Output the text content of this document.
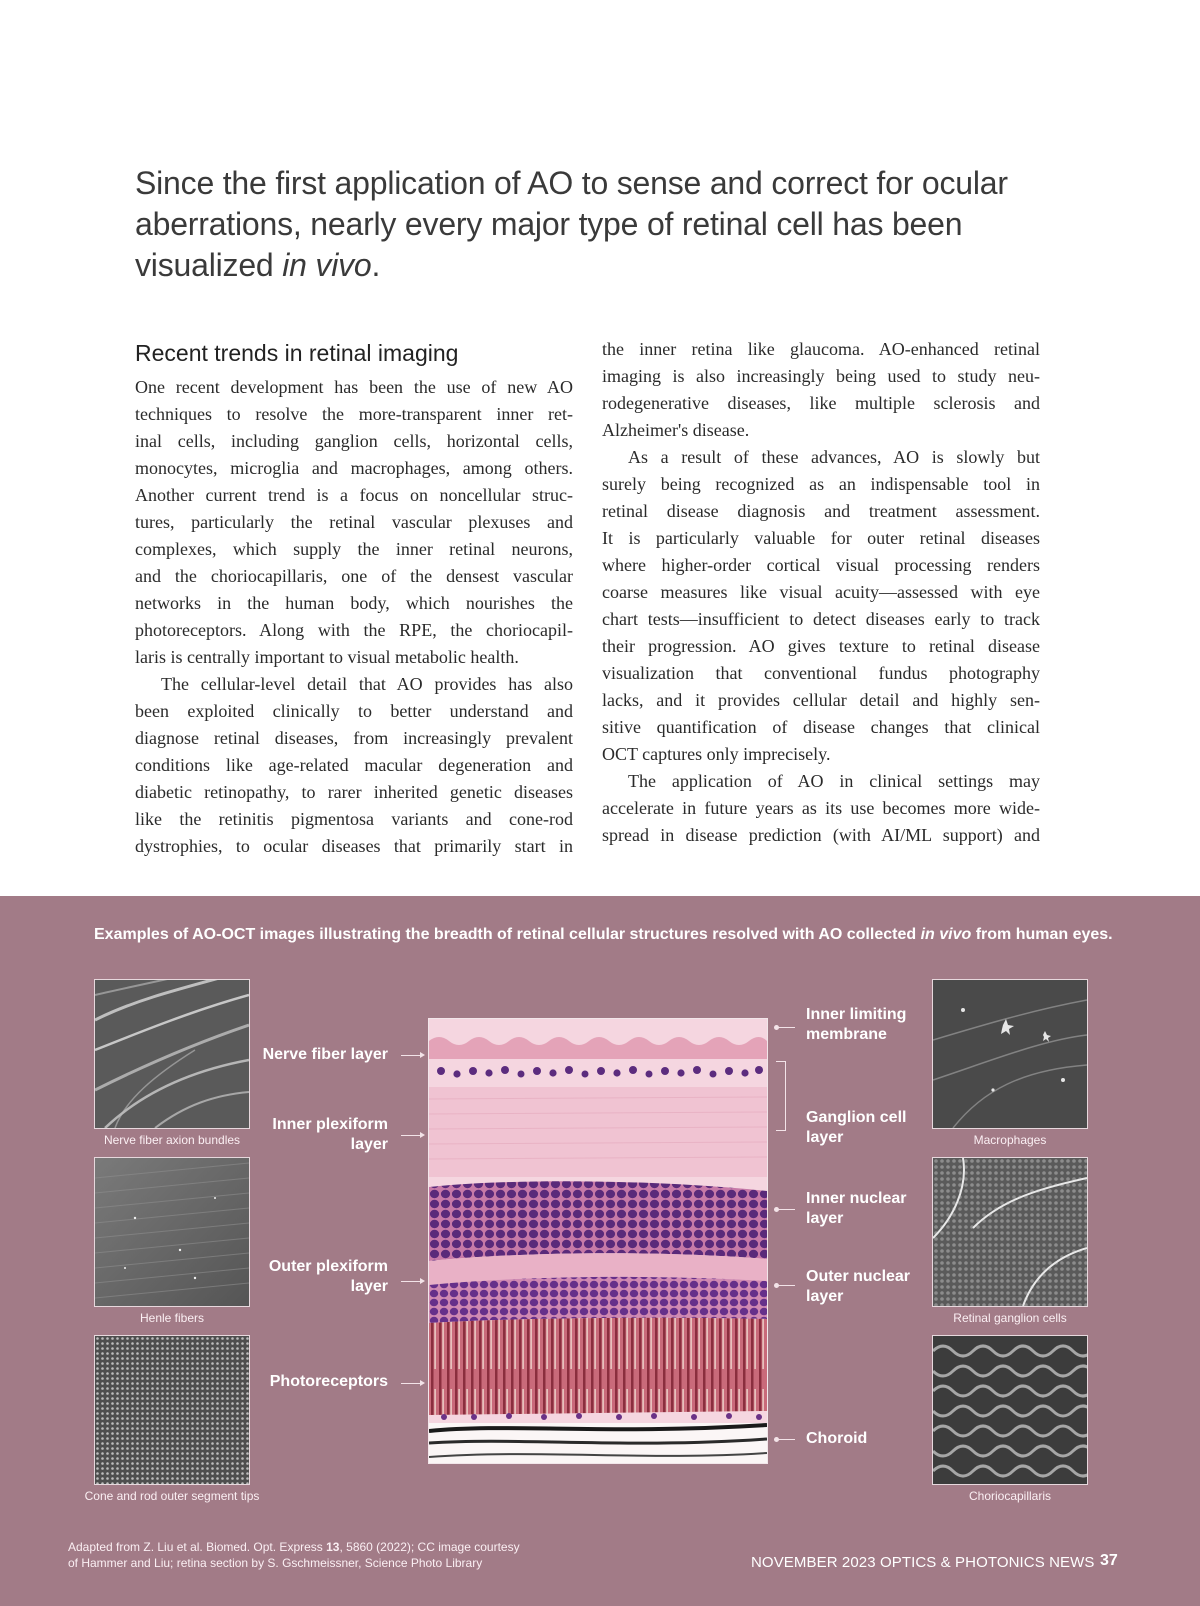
Since the first application of AO to sense and correct for ocular
aberrations, nearly every major type of retinal cell has been
visualized in vivo.
Recent trends in retinal imaging
One recent development has been the use of new AO
techniques to resolve the more-transparent inner ret-
inal cells, including ganglion cells, horizontal cells,
monocytes, microglia and macrophages, among others.
Another current trend is a focus on noncellular struc-
tures, particularly the retinal vascular plexuses and
complexes, which supply the inner retinal neurons,
and the choriocapillaris, one of the densest vascular
networks in the human body, which nourishes the
photoreceptors. Along with the RPE, the choriocapil-
laris is centrally important to visual metabolic health.
The cellular-level detail that AO provides has also
been exploited clinically to better understand and
diagnose retinal diseases, from increasingly prevalent
conditions like age-related macular degeneration and
diabetic retinopathy, to rarer inherited genetic diseases
like the retinitis pigmentosa variants and cone-rod
dystrophies, to ocular diseases that primarily start in
the inner retina like glaucoma. AO-enhanced retinal
imaging is also increasingly being used to study neu-
rodegenerative diseases, like multiple sclerosis and
Alzheimer's disease.
As a result of these advances, AO is slowly but
surely being recognized as an indispensable tool in
retinal disease diagnosis and treatment assessment.
It is particularly valuable for outer retinal diseases
where higher-order cortical visual processing renders
coarse measures like visual acuity—assessed with eye
chart tests—insufficient to detect diseases early to track
their progression. AO gives texture to retinal disease
visualization that conventional fundus photography
lacks, and it provides cellular detail and highly sen-
sitive quantification of disease changes that clinical
OCT captures only imprecisely.
The application of AO in clinical settings may
accelerate in future years as its use becomes more wide-
spread in disease prediction (with AI/ML support) and
Examples of AO-OCT images illustrating the breadth of retinal cellular structures resolved with AO collected in vivo from human eyes.
Nerve fiber axion bundles
Henle fibers
Cone and rod outer segment tips
Macrophages
Retinal ganglion cells
Choriocapillaris
Nerve fiber layer
Inner plexiform
layer
Outer plexiform
layer
Photoreceptors
Inner limiting
membrane
Ganglion cell
layer
Inner nuclear
layer
Outer nuclear
layer
Choroid
Adapted from Z. Liu et al. Biomed. Opt. Express 13, 5860 (2022); CC image courtesy
of Hammer and Liu; retina section by S. Gschmeissner, Science Photo Library	NOVEMBER 2023 OPTICS & PHOTONICS NEWS 37
